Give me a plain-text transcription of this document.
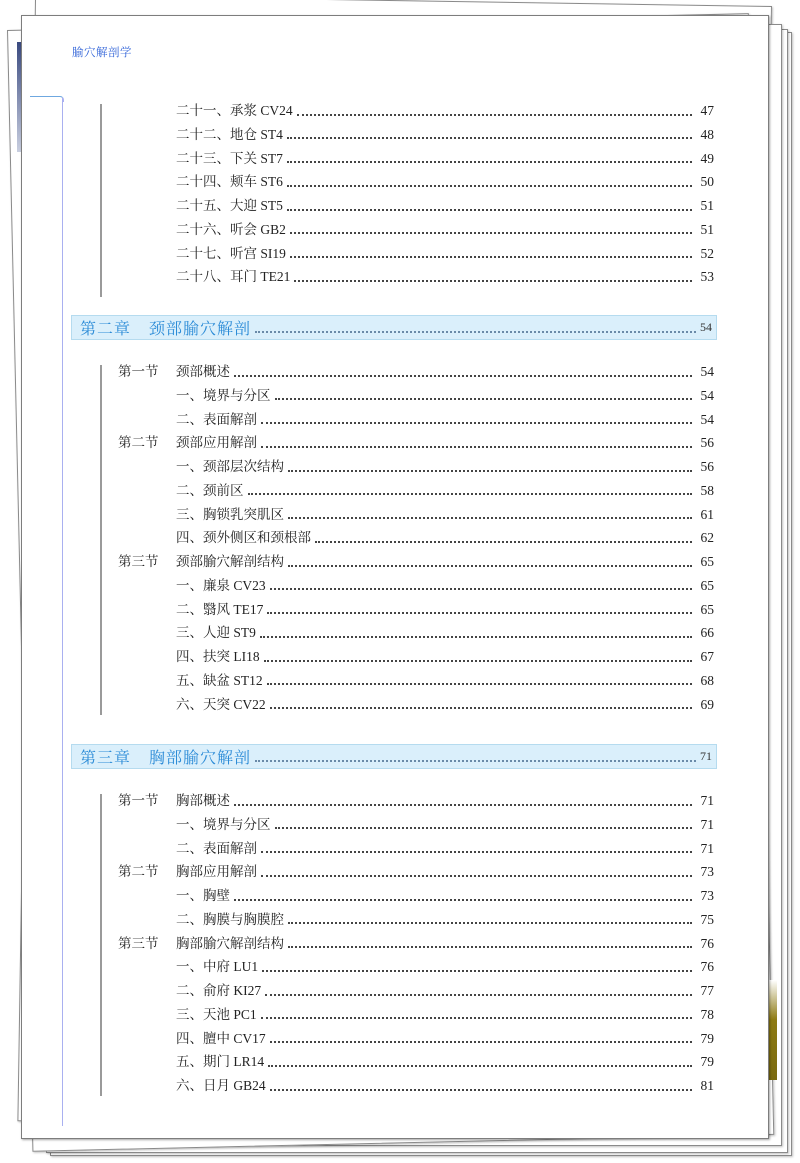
腧穴解剖学
二十一、承浆 CV24	47
二十二、地仓 ST4	48
二十三、下关 ST7	49
二十四、颊车 ST6	50
二十五、大迎 ST5	51
二十六、听会 GB2	51
二十七、听宫 SI19	52
二十八、耳门 TE21	53
第二章 颈部腧穴解剖	54
第一节 颈部概述	54
一、境界与分区	54
二、表面解剖	54
第二节 颈部应用解剖	56
一、颈部层次结构	56
二、颈前区	58
三、胸锁乳突肌区	61
四、颈外侧区和颈根部	62
第三节 颈部腧穴解剖结构	65
一、廉泉 CV23	65
二、翳风 TE17	65
三、人迎 ST9	66
四、扶突 LI18	67
五、缺盆 ST12	68
六、天突 CV22	69
第三章 胸部腧穴解剖	71
第一节 胸部概述	71
一、境界与分区	71
二、表面解剖	71
第二节 胸部应用解剖	73
一、胸壁	73
二、胸膜与胸膜腔	75
第三节 胸部腧穴解剖结构	76
一、中府 LU1	76
二、俞府 KI27	77
三、天池 PC1	78
四、膻中 CV17	79
五、期门 LR14	79
六、日月 GB24	81
